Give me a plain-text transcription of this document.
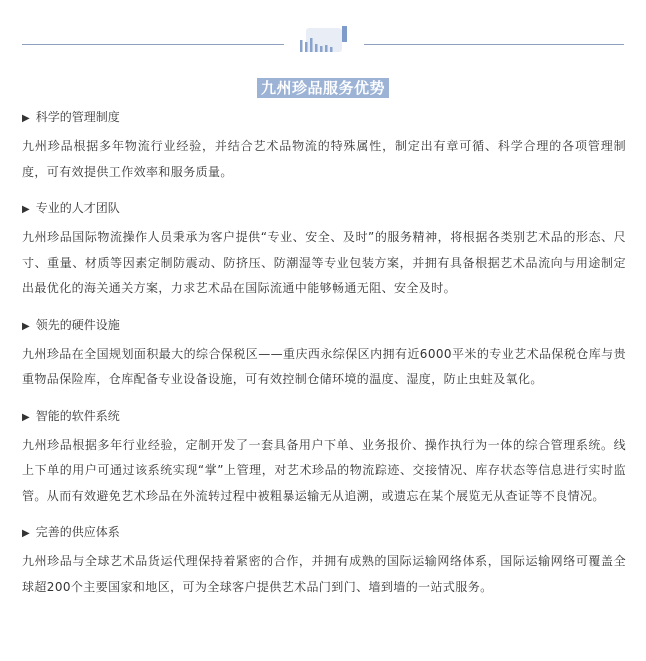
九州珍品服务优势
▶ 科学的管理制度
九州珍品根据多年物流行业经验，并结合艺术品物流的特殊属性，制定出有章可循、科学合理的各项管理制度，可有效提供工作效率和服务质量。
▶ 专业的人才团队
九州珍品国际物流操作人员秉承为客户提供“专业、安全、及时”的服务精神，将根据各类别艺术品的形态、尺寸、重量、材质等因素定制防震动、防挤压、防潮湿等专业包装方案，并拥有具备根据艺术品流向与用途制定出最优化的海关通关方案，力求艺术品在国际流通中能够畅通无阻、安全及时。
▶ 领先的硬件设施
九州珍品在全国规划面积最大的综合保税区——重庆西永综保区内拥有近6000平米的专业艺术品保税仓库与贵重物品保险库，仓库配备专业设备设施，可有效控制仓储环境的温度、湿度，防止虫蛀及氧化。
▶ 智能的软件系统
九州珍品根据多年行业经验，定制开发了一套具备用户下单、业务报价、操作执行为一体的综合管理系统。线上下单的用户可通过该系统实现“掌”上管理，对艺术珍品的物流踪迹、交接情况、库存状态等信息进行实时监管。从而有效避免艺术珍品在外流转过程中被粗暴运输无从追溯，或遗忘在某个展览无从查证等不良情况。
▶ 完善的供应体系
九州珍品与全球艺术品货运代理保持着紧密的合作，并拥有成熟的国际运输网络体系，国际运输网络可覆盖全球超200个主要国家和地区，可为全球客户提供艺术品门到门、墙到墙的一站式服务。
